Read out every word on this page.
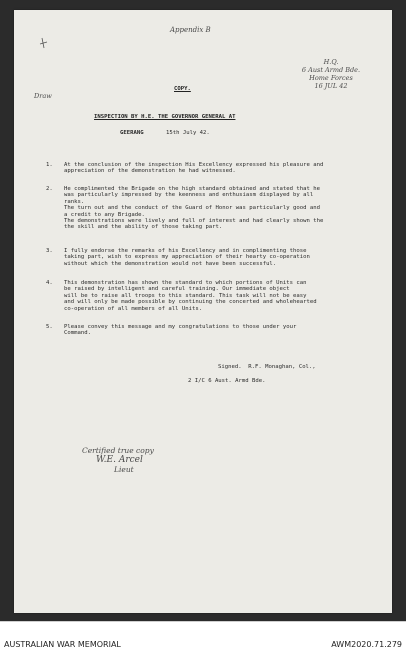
Appendix B
H.Q.
6 Aust Armd Bde.
Home Forces
16 JUL 42
Draw
COPY.
INSPECTION BY H.E. THE GOVERNOR GENERAL AT
GEERANG	15th July 42.
1. At the conclusion of the inspection His Excellency expressed his pleasure and
appreciation of the demonstration he had witnessed.
2. He complimented the Brigade on the high standard obtained and stated that he
was particularly impressed by the keenness and enthusiasm displayed by all
ranks.
The turn out and the conduct of the Guard of Honor was particularly good and
a credit to any Brigade.
The demonstrations were lively and full of interest and had clearly shown the
the skill and the ability of those taking part.
3. I fully endorse the remarks of his Excellency and in complimenting those
taking part, wish to express my appreciation of their hearty co-operation
without which the demonstration would not have been successful.
4. This demonstration has shown the standard to which portions of Units can
be raised by intelligent and careful training. Our immediate object
will be to raise all troops to this standard. This task will not be easy
and will only be made possible by continuing the concerted and wholehearted
co-operation of all members of all Units.
5. Please convey this message and my congratulations to those under your
Command.
Signed.  R.F. Monaghan, Col.,
2 I/C 6 Aust. Armd Bde.
Certified true copy
W.E. Arcel
Lieut
AUSTRALIAN WAR MEMORIAL	AWM2020.71.279
